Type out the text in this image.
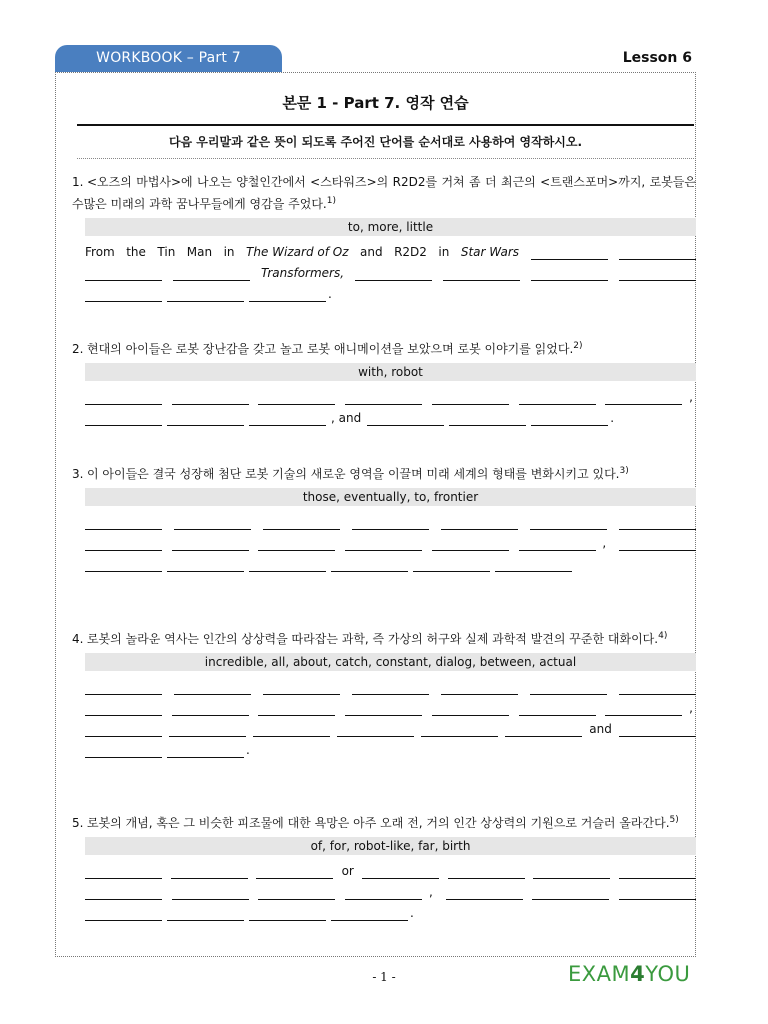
WORKBOOK – Part 7	Lesson 6
본문 1 - Part 7. 영작 연습
다음 우리말과 같은 뜻이 되도록 주어진 단어를 순서대로 사용하여 영작하시오.
1. <오즈의 마법사>에 나오는 양철인간에서 <스타워즈>의 R2D2를 거쳐 좀 더 최근의 <트랜스포머>까지, 로봇들은 수많은 미래의 과학 꿈나무들에게 영감을 주었다.$^{1)}$
to, more, little
From the Tin Man in The Wizard of Oz and R2D2 in Star Wars
Transformers,
.
2. 현대의 아이들은 로봇 장난감을 갖고 놀고 로봇 애니메이션을 보았으며 로봇 이야기를 읽었다.$^{2)}$
with, robot
,
, and	.
3. 이 아이들은 결국 성장해 첨단 로봇 기술의 새로운 영역을 이끌며 미래 세계의 형태를 변화시키고 있다.$^{3)}$
those, eventually, to, frontier
,
4. 로봇의 놀라운 역사는 인간의 상상력을 따라잡는 과학, 즉 가상의 허구와 실제 과학적 발견의 꾸준한 대화이다.$^{4)}$
incredible, all, about, catch, constant, dialog, between, actual
,
and
.
5. 로봇의 개념, 혹은 그 비슷한 피조물에 대한 욕망은 아주 오래 전, 거의 인간 상상력의 기원으로 거슬러 올라간다.$^{5)}$
of, for, robot-like, far, birth
or
,
.
- 1 -	EXAM4YOU
